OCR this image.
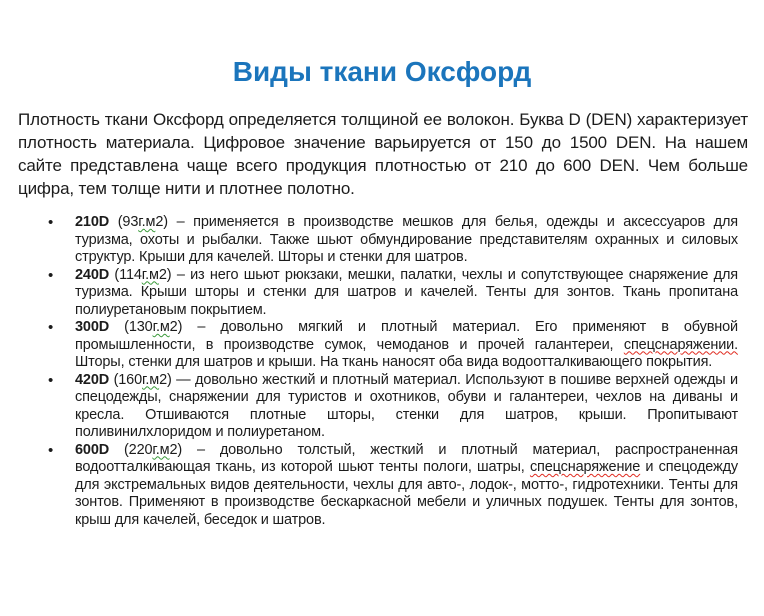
Виды ткани Оксфорд

Плотность ткани Оксфорд определяется толщиной ее волокон. Буква D (DEN) характеризует плотность материала. Цифровое значение варьируется от 150 до 1500 DEN. На нашем сайте представлена чаще всего продукция плотностью от 210 до 600 DEN. Чем больше цифра, тем толще нити и плотнее полотно.

• 210D (93г.м2) – применяется в производстве мешков для белья, одежды и аксессуаров для туризма, охоты и рыбалки. Также шьют обмундирование представителям охранных и силовых структур. Крыши для качелей. Шторы и стенки для шатров.
• 240D (114г.м2) – из него шьют рюкзаки, мешки, палатки, чехлы и сопутствующее снаряжение для туризма. Крыши шторы и стенки для шатров и качелей. Тенты для зонтов. Ткань пропитана полиуретановым покрытием.
• 300D (130г.м2) – довольно мягкий и плотный материал. Его применяют в обувной промышленности, в производстве сумок, чемоданов и прочей галантереи, спецснаряжении. Шторы, стенки для шатров и крыши. На ткань наносят оба вида водоотталкивающего покрытия.
• 420D (160г.м2) — довольно жесткий и плотный материал. Используют в пошиве верхней одежды и спецодежды, снаряжении для туристов и охотников, обуви и галантереи, чехлов на диваны и кресла. Отшиваются плотные шторы, стенки для шатров, крыши. Пропитывают поливинилхлоридом и полиуретаном.
• 600D (220г.м2) – довольно толстый, жесткий и плотный материал, распространенная водоотталкивающая ткань, из которой шьют тенты пологи, шатры, спецснаряжение и спецодежду для экстремальных видов деятельности, чехлы для авто-, лодок-, мотто-, гидротехники. Тенты для зонтов. Применяют в производстве бескаркасной мебели и уличных подушек. Тенты для зонтов, крыш для качелей, беседок и шатров.
